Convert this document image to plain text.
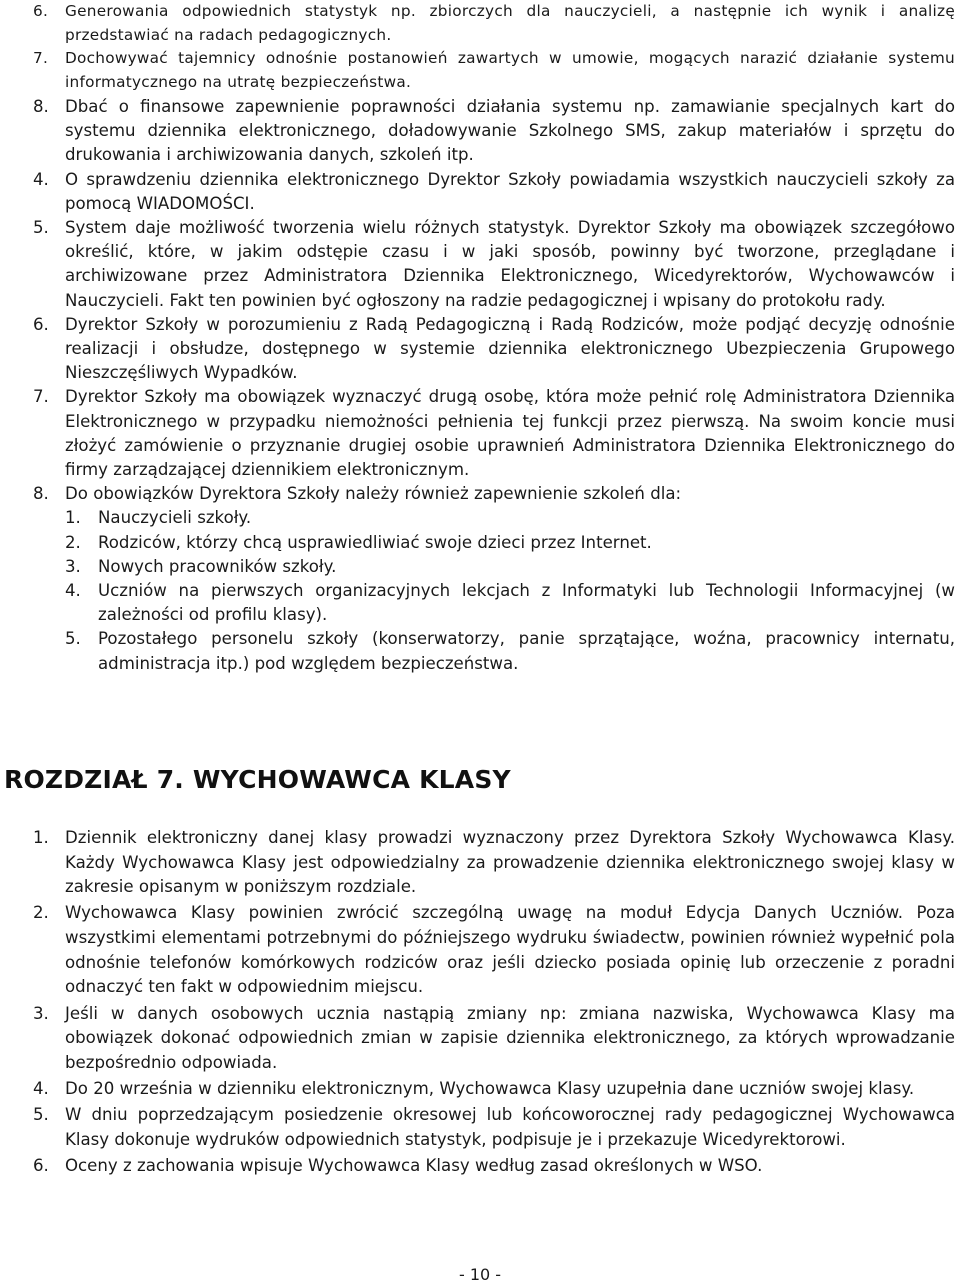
6. Generowania odpowiednich statystyk np. zbiorczych dla nauczycieli, a następnie ich wynik i analizę przedstawiać na radach pedagogicznych.
7. Dochowywać tajemnicy odnośnie postanowień zawartych w umowie, mogących narazić działanie systemu informatycznego na utratę bezpieczeństwa.
8. Dbać o finansowe zapewnienie poprawności działania systemu np. zamawianie specjalnych kart do systemu dziennika elektronicznego, doładowywanie Szkolnego SMS, zakup materiałów i sprzętu do drukowania i archiwizowania danych, szkoleń itp.
4. O sprawdzeniu dziennika elektronicznego Dyrektor Szkoły powiadamia wszystkich nauczycieli szkoły za pomocą WIADOMOŚCI.
5. System daje możliwość tworzenia wielu różnych statystyk. Dyrektor Szkoły ma obowiązek szczegółowo określić, które, w jakim odstępie czasu i w jaki sposób, powinny być tworzone, przeglądane i archiwizowane przez Administratora Dziennika Elektronicznego, Wicedyrektorów, Wychowawców i Nauczycieli. Fakt ten powinien być ogłoszony na radzie pedagogicznej i wpisany do protokołu rady.
6. Dyrektor Szkoły w porozumieniu z Radą Pedagogiczną i Radą Rodziców, może podjąć decyzję odnośnie realizacji i obsłudze, dostępnego w systemie dziennika elektronicznego Ubezpieczenia Grupowego Nieszczęśliwych Wypadków.
7. Dyrektor Szkoły ma obowiązek wyznaczyć drugą osobę, która może pełnić rolę Administratora Dziennika Elektronicznego w przypadku niemożności pełnienia tej funkcji przez pierwszą. Na swoim koncie musi złożyć zamówienie o przyznanie drugiej osobie uprawnień Administratora Dziennika Elektronicznego do firmy zarządzającej dziennikiem elektronicznym.
8. Do obowiązków Dyrektora Szkoły należy również zapewnienie szkoleń dla:
1. Nauczycieli szkoły.
2. Rodziców, którzy chcą usprawiedliwiać swoje dzieci przez Internet.
3. Nowych pracowników szkoły.
4. Uczniów na pierwszych organizacyjnych lekcjach z Informatyki lub Technologii Informacyjnej (w zależności od profilu klasy).
5. Pozostałego personelu szkoły (konserwatorzy, panie sprzątające, woźna, pracownicy internatu, administracja itp.) pod względem bezpieczeństwa.
ROZDZIAŁ 7. WYCHOWAWCA KLASY
1. Dziennik elektroniczny danej klasy prowadzi wyznaczony przez Dyrektora Szkoły Wychowawca Klasy. Każdy Wychowawca Klasy jest odpowiedzialny za prowadzenie dziennika elektronicznego swojej klasy w zakresie opisanym w poniższym rozdziale.
2. Wychowawca Klasy powinien zwrócić szczególną uwagę na moduł Edycja Danych Uczniów. Poza wszystkimi elementami potrzebnymi do późniejszego wydruku świadectw, powinien również wypełnić pola odnośnie telefonów komórkowych rodziców oraz jeśli dziecko posiada opinię lub orzeczenie z poradni odnaczyć ten fakt w odpowiednim miejscu.
3. Jeśli w danych osobowych ucznia nastąpią zmiany np: zmiana nazwiska, Wychowawca Klasy ma obowiązek dokonać odpowiednich zmian w zapisie dziennika elektronicznego, za których wprowadzanie bezpośrednio odpowiada.
4. Do 20 września w dzienniku elektronicznym, Wychowawca Klasy uzupełnia dane uczniów swojej klasy.
5. W dniu poprzedzającym posiedzenie okresowej lub końcoworocznej rady pedagogicznej Wychowawca Klasy dokonuje wydruków odpowiednich statystyk, podpisuje je i przekazuje Wicedyrektorowi.
6. Oceny z zachowania wpisuje Wychowawca Klasy według zasad określonych w WSO.
- 10 -
